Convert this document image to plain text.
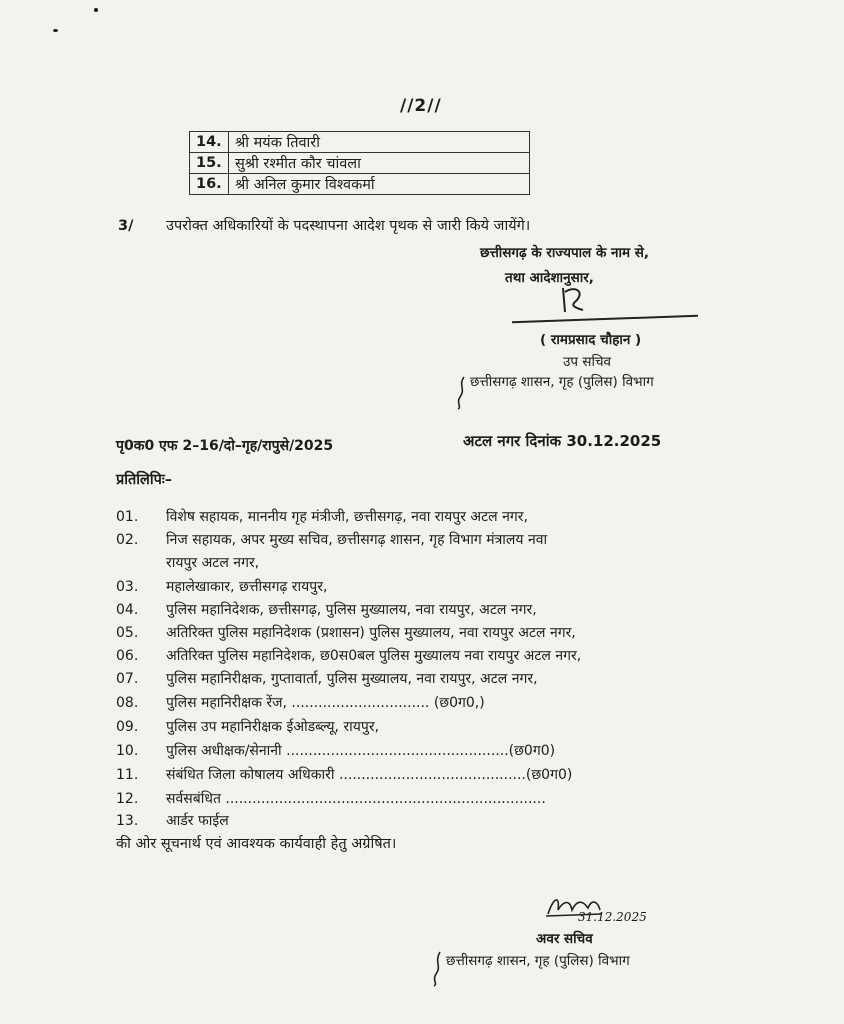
//2//
14.	श्री मयंक तिवारी
15.	सुश्री रश्मीत कौर चांवला
16.	श्री अनिल कुमार विश्वकर्मा
3/ उपरोक्त अधिकारियों के पदस्थापना आदेश पृथक से जारी किये जायेंगे।
छत्तीसगढ़ के राज्यपाल के नाम से,
तथा आदेशानुसार,
( रामप्रसाद चौहान )
उप सचिव
छत्तीसगढ़ शासन, गृह (पुलिस) विभाग
पृ0क0 एफ 2–16/दो–गृह/रापुसे/2025	अटल नगर दिनांक 30.12.2025
प्रतिलिपिः–
01. विशेष सहायक, माननीय गृह मंत्रीजी, छत्तीसगढ़, नवा रायपुर अटल नगर,
02. निज सहायक, अपर मुख्य सचिव, छत्तीसगढ़ शासन, गृह विभाग मंत्रालय नवा
रायपुर अटल नगर,
03. महालेखाकार, छत्तीसगढ़ रायपुर,
04. पुलिस महानिदेशक, छत्तीसगढ़, पुलिस मुख्यालय, नवा रायपुर, अटल नगर,
05. अतिरिक्त पुलिस महानिदेशक (प्रशासन) पुलिस मुख्यालय, नवा रायपुर अटल नगर,
06. अतिरिक्त पुलिस महानिदेशक, छ0स0बल पुलिस मुख्यालय नवा रायपुर अटल नगर,
07. पुलिस महानिरीक्षक, गुप्तावार्ता, पुलिस मुख्यालय, नवा रायपुर, अटल नगर,
08. पुलिस महानिरीक्षक रेंज, ............................... (छ0ग0,)
09. पुलिस उप महानिरीक्षक ईओडब्ल्यू, रायपुर,
10. पुलिस अधीक्षक/सेनानी ..................................................(छ0ग0)
11. संबंधित जिला कोषालय अधिकारी ..........................................(छ0ग0)
12. सर्वसबंधित ........................................................................
13. आर्डर फाईल
की ओर सूचनार्थ एवं आवश्यक कार्यवाही हेतु अग्रेषित।
31.12.2025
अवर सचिव
छत्तीसगढ़ शासन, गृह (पुलिस) विभाग
